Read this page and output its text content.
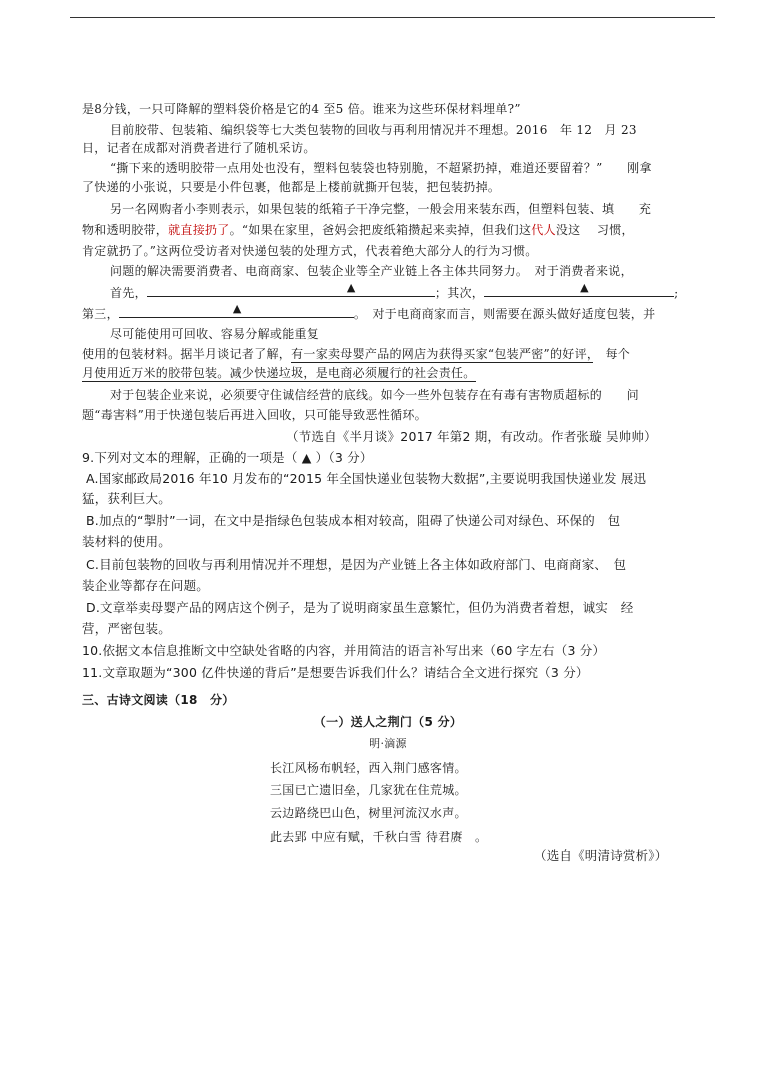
是8分钱，一只可降解的塑料袋价格是它的4 至5 倍。谁来为这些环保材料埋单?”
目前胶带、包装箱、编织袋等七大类包装物的回收与再利用情况并不理想。2016　年 12　月 23
日，记者在成都对消费者进行了随机采访。
“撕下来的透明胶带一点用处也没有，塑料包装袋也特别脆，不超紧扔掉，难道还要留着？”　　刚拿
了快递的小张说，只要是小件包裹，他都是上楼前就撕开包装，把包装扔掉。
另一名网购者小李则表示，如果包装的纸箱子干净完整，一般会用来装东西，但塑料包装、填　　充
物和透明胶带，就直接扔了。“如果在家里，爸妈会把废纸箱攒起来卖掉，但我们这代人没这　 习惯，
肯定就扔了。”这两位受访者对快递包装的处理方式，代表着绝大部分人的行为习惯。
问题的解决需要消费者、电商商家、包装企业等全产业链上各主体共同努力。　对于消费者来说，
首先，	▲	；其次，	▲	;
第三，	▲	。　对于电商商家而言，则需要在源头做好适度包装，并
尽可能使用可回收、容易分解或能重复
使用的包装材料。据半月谈记者了解，有一家卖母婴产品的网店为获得买家“包装严密”的好评，　每个
月使用近万米的胶带包装。减少快递垃圾，是电商必须履行的社会责任。
对于包装企业来说，必须要守住诚信经营的底线。如今一些外包装存在有毒有害物质超标的　　问
题“毒害料”用于快递包装后再进入回收，只可能导致恶性循环。
（节选自《半月谈》2017 年第2 期，有改动。作者张璇 吴帅帅）
9.下列对文本的理解，正确的一项是（ ▲ ）（3 分）
A.国家邮政局2016 年10 月发布的“2015 年全国快递业包装物大数据”,主要说明我国快递业发 展迅
猛，获利巨大。
B.加点的“掣肘”一词，在文中是指绿色包装成本相对较高，阻碍了快递公司对绿色、环保的　包
装材料的使用。
C.目前包装物的回收与再利用情况并不理想，是因为产业链上各主体如政府部门、电商商家、　包
装企业等都存在问题。
D.文章举卖母婴产品的网店这个例子，是为了说明商家虽生意繁忙，但仍为消费者着想，诚实　经
营，严密包装。
10.依据文本信息推断文中空缺处省略的内容，并用简洁的语言补写出来（60 字左右（3 分）
11.文章取题为“300 亿件快递的背后”是想要告诉我们什么？请结合全文进行探究（3 分）
三、古诗文阅读（18　分）
（一）送人之荆门（5 分）
明·滴源
长江风杨布帆轻，西入荆门感客情。
三国已亡遗旧垒，几家犹在住荒城。
云边路绕巴山色，树里河流汉水声。
此去郢 中应有赋，千秋白雪 待君赓　。
（选自《明清诗赏析》）
